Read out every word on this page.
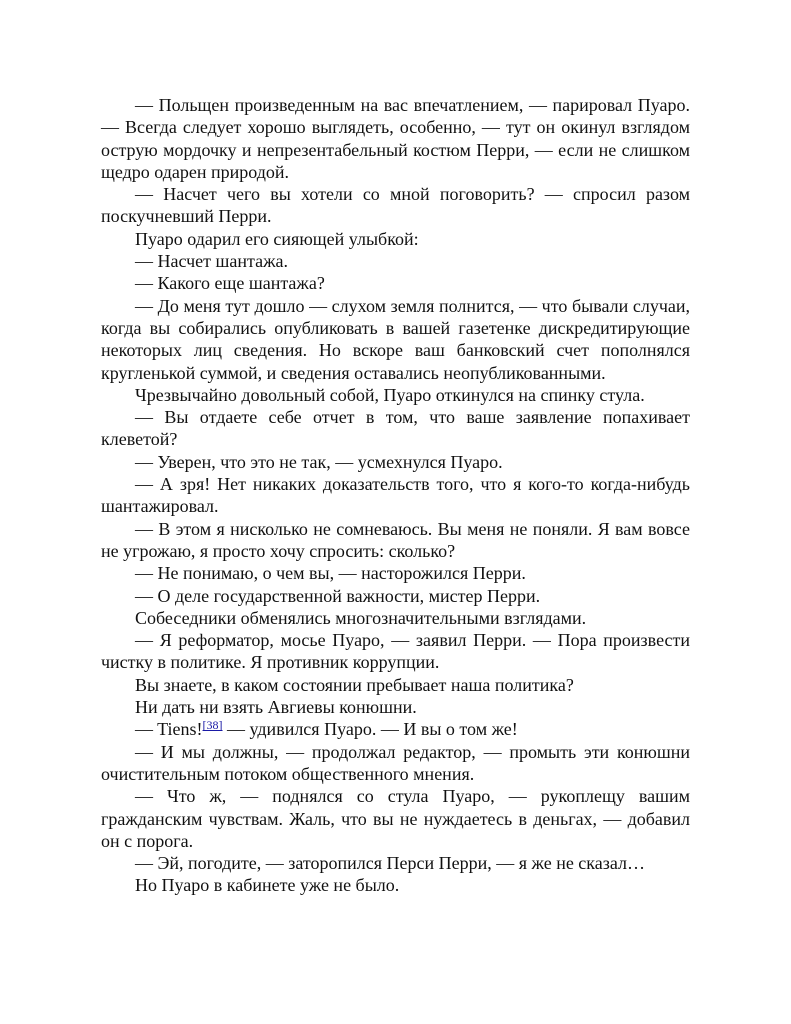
— Польщен произведенным на вас впечатлением, — парировал Пуаро. — Всегда следует хорошо выглядеть, особенно, — тут он окинул взглядом острую мордочку и непрезентабельный костюм Перри, — если не слишком щедро одарен природой.

— Насчет чего вы хотели со мной поговорить? — спросил разом поскучневший Перри.

Пуаро одарил его сияющей улыбкой:

— Насчет шантажа.

— Какого еще шантажа?

— До меня тут дошло — слухом земля полнится, — что бывали случаи, когда вы собирались опубликовать в вашей газетенке дискредитирующие некоторых лиц сведения. Но вскоре ваш банковский счет пополнялся кругленькой суммой, и сведения оставались неопубликованными.

Чрезвычайно довольный собой, Пуаро откинулся на спинку стула.

— Вы отдаете себе отчет в том, что ваше заявление попахивает клеветой?

— Уверен, что это не так, — усмехнулся Пуаро.

— А зря! Нет никаких доказательств того, что я кого-то когда-нибудь шантажировал.

— В этом я нисколько не сомневаюсь. Вы меня не поняли. Я вам вовсе не угрожаю, я просто хочу спросить: сколько?

— Не понимаю, о чем вы, — насторожился Перри.

— О деле государственной важности, мистер Перри.

Собеседники обменялись многозначительными взглядами.

— Я реформатор, мосье Пуаро, — заявил Перри. — Пора произвести чистку в политике. Я противник коррупции.

Вы знаете, в каком состоянии пребывает наша политика?

Ни дать ни взять Авгиевы конюшни.

— Tiens![38] — удивился Пуаро. — И вы о том же!

— И мы должны, — продолжал редактор, — промыть эти конюшни очистительным потоком общественного мнения.

— Что ж, — поднялся со стула Пуаро, — рукоплещу вашим гражданским чувствам. Жаль, что вы не нуждаетесь в деньгах, — добавил он с порога.

— Эй, погодите, — заторопился Перси Перри, — я же не сказал…

Но Пуаро в кабинете уже не было.
